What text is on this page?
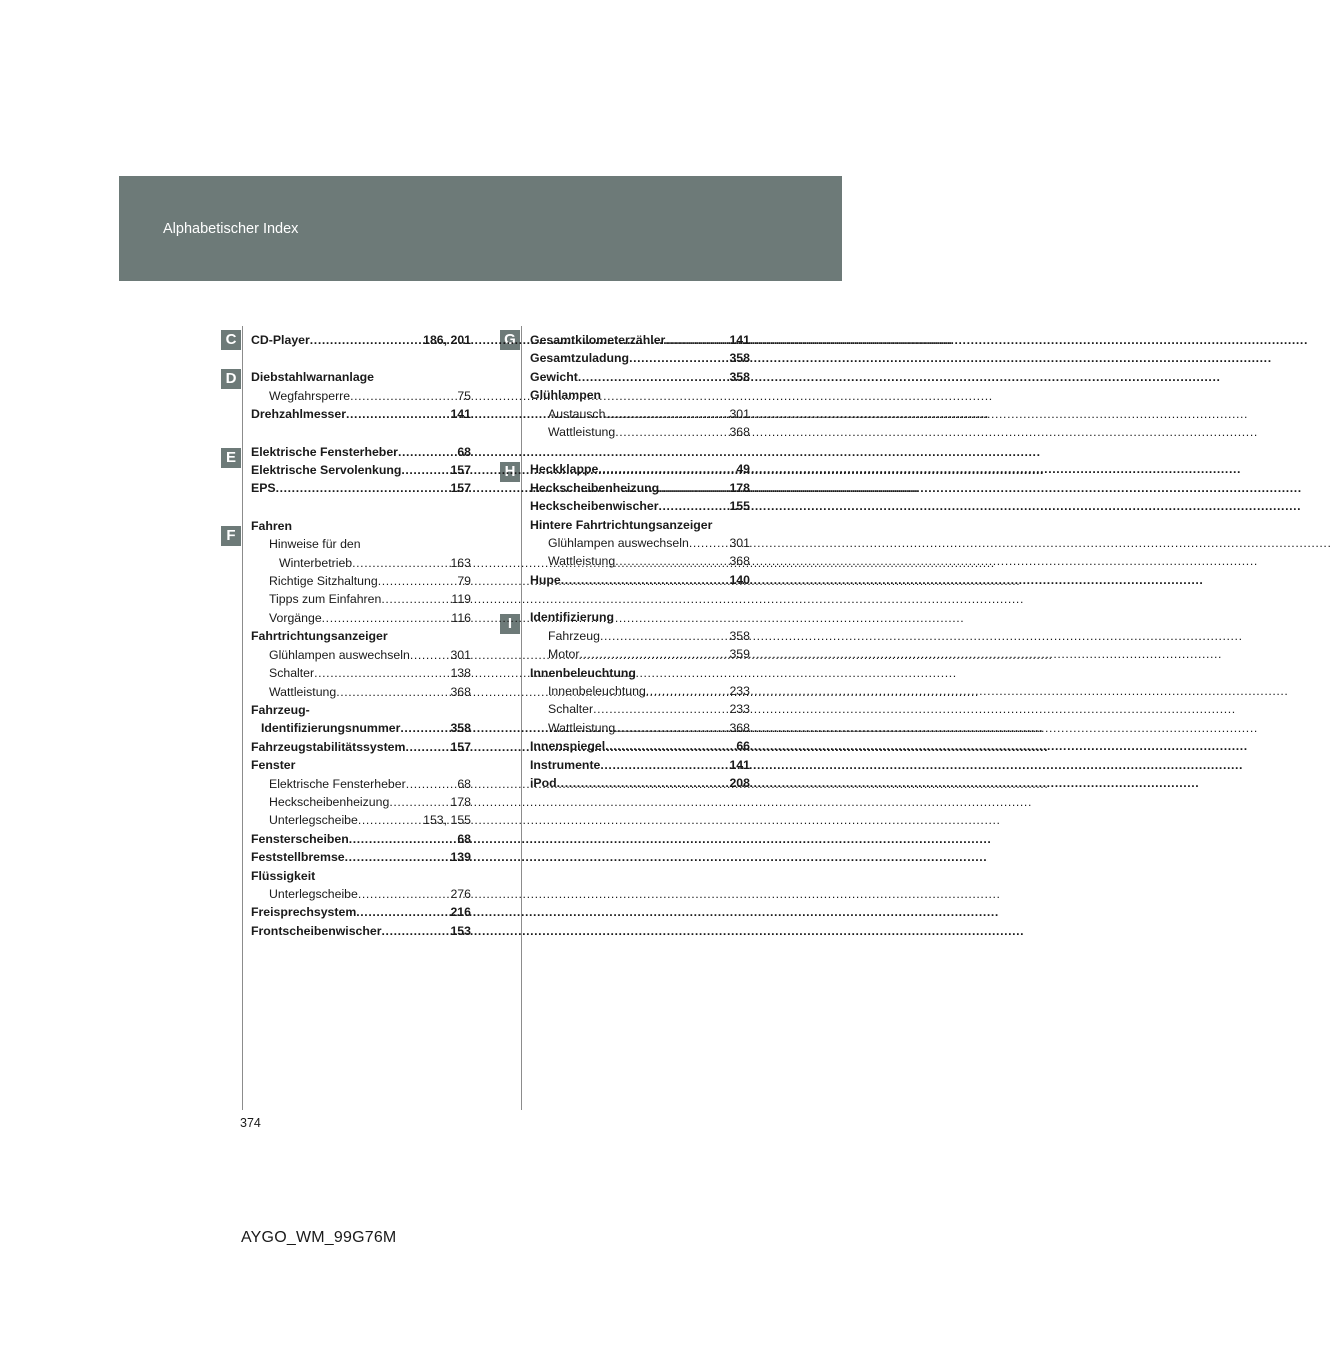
Alphabetischer Index
C
D
E
F
G
H
I
CD-Player .....	186, 201
Diebstahlwarnanlage
Wegfahrsperre .....	75
Drehzahlmesser .....	141
Elektrische Fensterheber .....	68
Elektrische Servolenkung .....	157
EPS .....	157
Fahren
Hinweise für den
Winterbetrieb .....	163
Richtige Sitzhaltung .....	79
Tipps zum Einfahren .....	119
Vorgänge .....	116
Fahrtrichtungsanzeiger
Glühlampen auswechseln .....	301
Schalter .....	138
Wattleistung .....	368
Fahrzeug-
Identifizierungsnummer .....	358
Fahrzeugstabilitätssystem .....	157
Fenster
Elektrische Fensterheber .....	68
Heckscheibenheizung .....	178
Unterlegscheibe .....	153, 155
Fensterscheiben .....	68
Feststellbremse .....	139
Flüssigkeit
Unterlegscheibe .....	276
Freisprechsystem .....	216
Frontscheibenwischer .....	153
Gesamtkilometerzähler .....	141
Gesamtzuladung .....	358
Gewicht .....	358
Glühlampen
Austausch .....	301
Wattleistung .....	368
Heckklappe .....	49
Heckscheibenheizung .....	178
Heckscheibenwischer .....	155
Hintere Fahrtrichtungsanzeiger
Glühlampen auswechseln .....	301
Wattleistung .....	368
Hupe .....	140
Identifizierung
Fahrzeug .....	358
Motor .....	359
Innenbeleuchtung
Innenbeleuchtung .....	233
Schalter .....	233
Wattleistung .....	368
Innenspiegel .....	66
Instrumente .....	141
iPod .....	208
374
AYGO_WM_99G76M
